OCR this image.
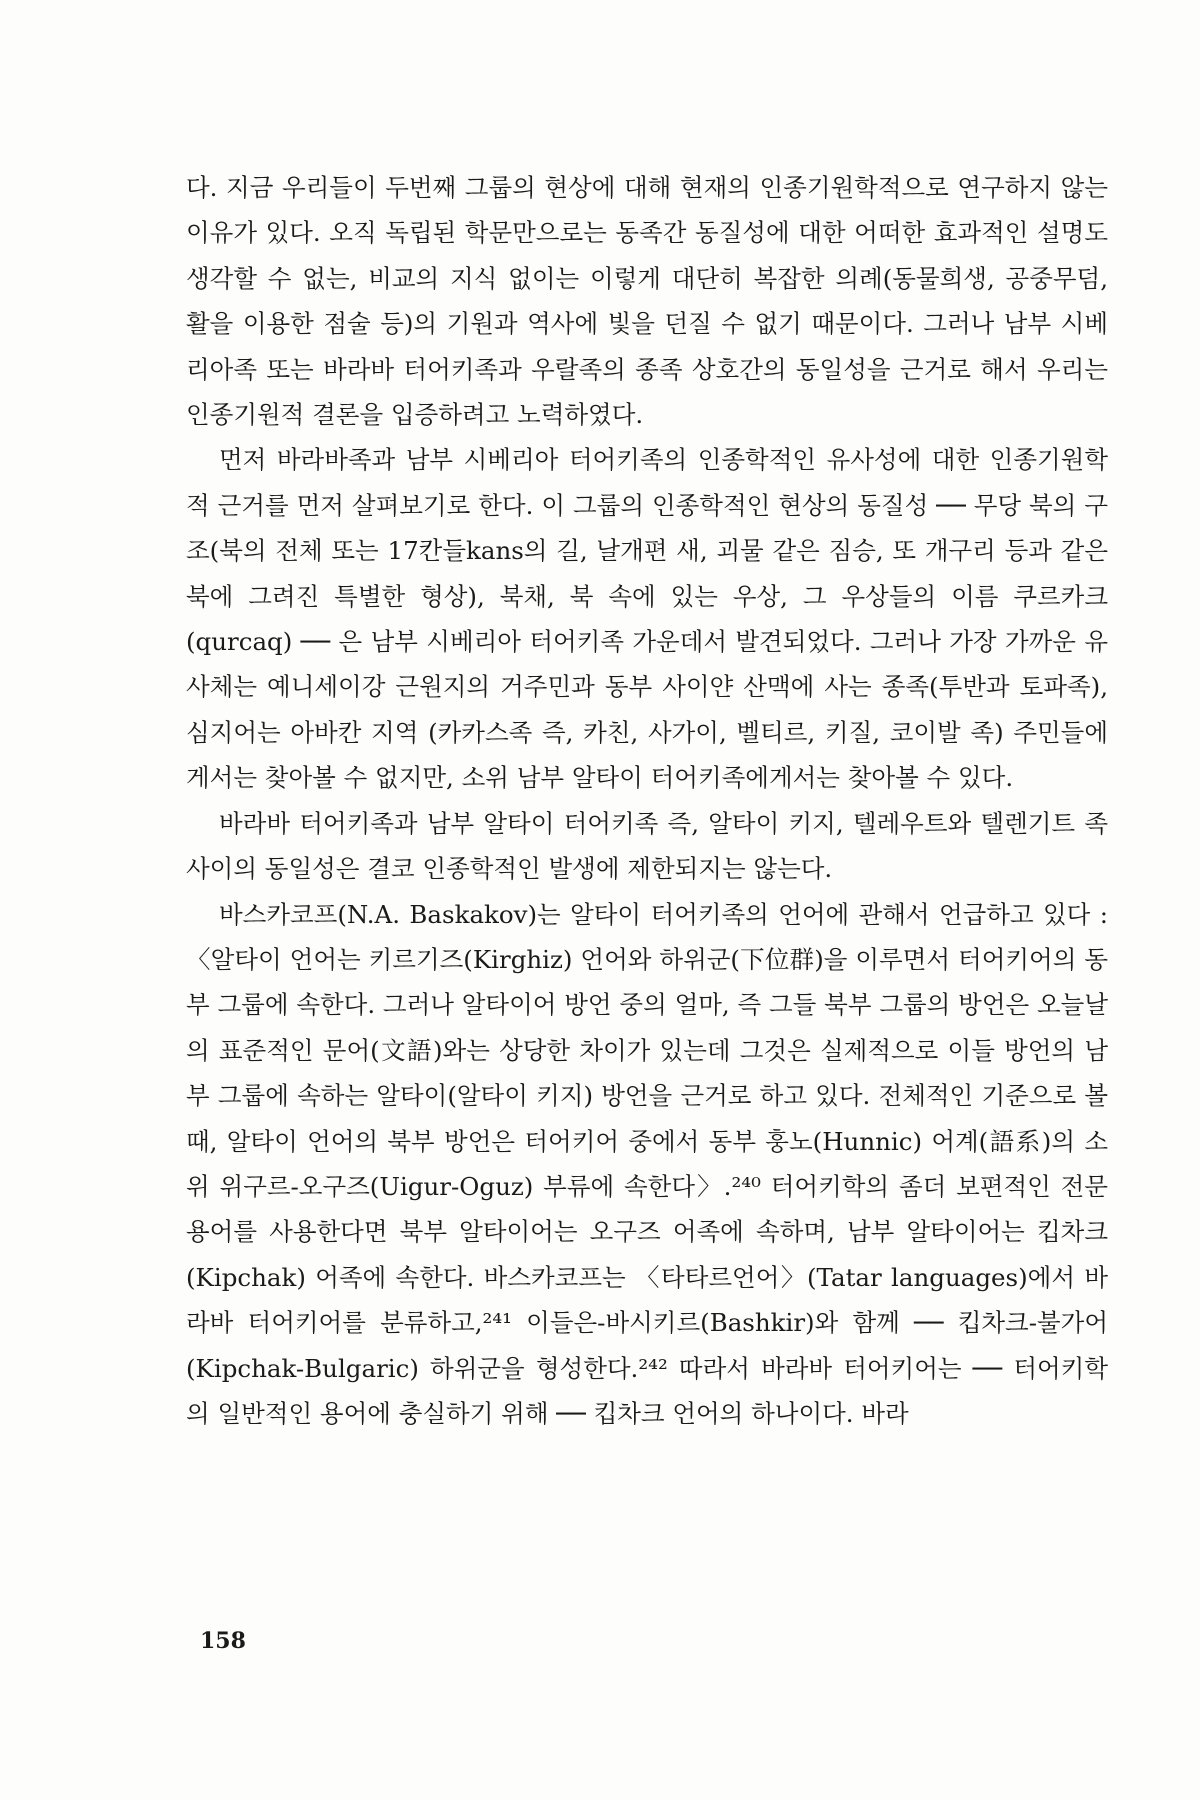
다. 지금 우리들이 두번째 그룹의 현상에 대해 현재의 인종기원학적으로 연구하지 않는 이유가 있다. 오직 독립된 학문만으로는 동족간 동질성에 대한 어떠한 효과적인 설명도 생각할 수 없는, 비교의 지식 없이는 이렇게 대단히 복잡한 의례(동물희생, 공중무덤, 활을 이용한 점술 등)의 기원과 역사에 빛을 던질 수 없기 때문이다. 그러나 남부 시베리아족 또는 바라바 터어키족과 우랄족의 종족 상호간의 동일성을 근거로 해서 우리는 인종기원적 결론을 입증하려고 노력하였다.

먼저 바라바족과 남부 시베리아 터어키족의 인종학적인 유사성에 대한 인종기원학적 근거를 먼저 살펴보기로 한다. 이 그룹의 인종학적인 현상의 동질성 ── 무당 북의 구조(북의 전체 또는 17칸들kans의 길, 날개편 새, 괴물 같은 짐승, 또 개구리 등과 같은 북에 그려진 특별한 형상), 북채, 북 속에 있는 우상, 그 우상들의 이름 쿠르카크(qurcaq) ── 은 남부 시베리아 터어키족 가운데서 발견되었다. 그러나 가장 가까운 유사체는 예니세이강 근원지의 거주민과 동부 사이얀 산맥에 사는 종족(투반과 토파족), 심지어는 아바칸 지역 (카카스족 즉, 카친, 사가이, 벨티르, 키질, 코이발 족) 주민들에게서는 찾아볼 수 없지만, 소위 남부 알타이 터어키족에게서는 찾아볼 수 있다.

바라바 터어키족과 남부 알타이 터어키족 즉, 알타이 키지, 텔레우트와 텔렌기트 족 사이의 동일성은 결코 인종학적인 발생에 제한되지는 않는다.

바스카코프(N.A. Baskakov)는 알타이 터어키족의 언어에 관해서 언급하고 있다 : 〈알타이 언어는 키르기즈(Kirghiz) 언어와 하위군(下位群)을 이루면서 터어키어의 동부 그룹에 속한다. 그러나 알타이어 방언 중의 얼마, 즉 그들 북부 그룹의 방언은 오늘날의 표준적인 문어(文語)와는 상당한 차이가 있는데 그것은 실제적으로 이들 방언의 남부 그룹에 속하는 알타이(알타이 키지) 방언을 근거로 하고 있다. 전체적인 기준으로 볼 때, 알타이 언어의 북부 방언은 터어키어 중에서 동부 훙노(Hunnic) 어계(語系)의 소위 위구르-오구즈(Uigur-Oguz) 부류에 속한다〉.²⁴⁰ 터어키학의 좀더 보편적인 전문 용어를 사용한다면 북부 알타이어는 오구즈 어족에 속하며, 남부 알타이어는 킵차크(Kipchak) 어족에 속한다. 바스카코프는 〈타타르언어〉(Tatar languages)에서 바라바 터어키어를 분류하고,²⁴¹ 이들은-바시키르(Bashkir)와 함께 ── 킵차크-불가어(Kipchak-Bulgaric) 하위군을 형성한다.²⁴² 따라서 바라바 터어키어는 ── 터어키학의 일반적인 용어에 충실하기 위해 ── 킵차크 언어의 하나이다. 바라

158
